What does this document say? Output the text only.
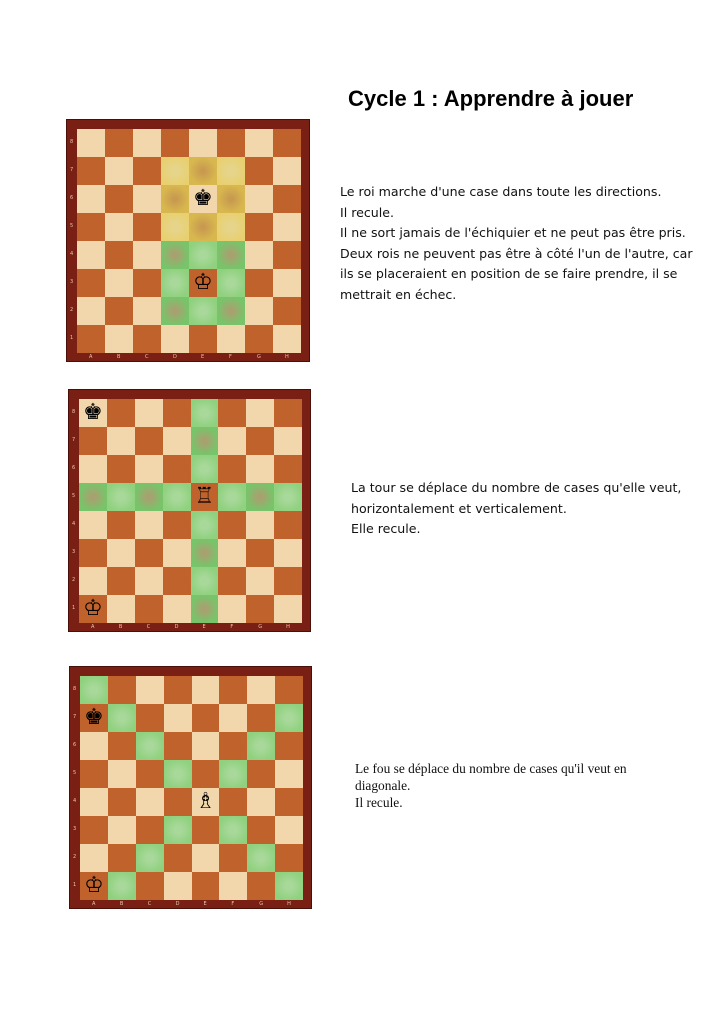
Cycle 1 : Apprendre à jouer
♚
♔
8
7
6
5
4
3
2
1
A	B	C	D	E	F	G	H

Le roi marche d'une case dans toute les directions.

Il recule.

Il ne sort jamais de l'échiquier et ne peut pas être pris.

Deux rois ne peuvent pas être à côté l'un de l'autre, car ils se placeraient en position de se faire prendre, il se mettrait en échec.

♚
♖
♔
8
7
6
5
4
3
2
1
A	B	C	D	E	F	G	H

La tour se déplace du nombre de cases qu'elle veut, horizontalement et verticalement.

Elle recule.

♚
♗
♔
8
7
6
5
4
3
2
1
A	B	C	D	E	F	G	H

Le fou se déplace du nombre de cases qu'il veut en diagonale.

Il recule.
